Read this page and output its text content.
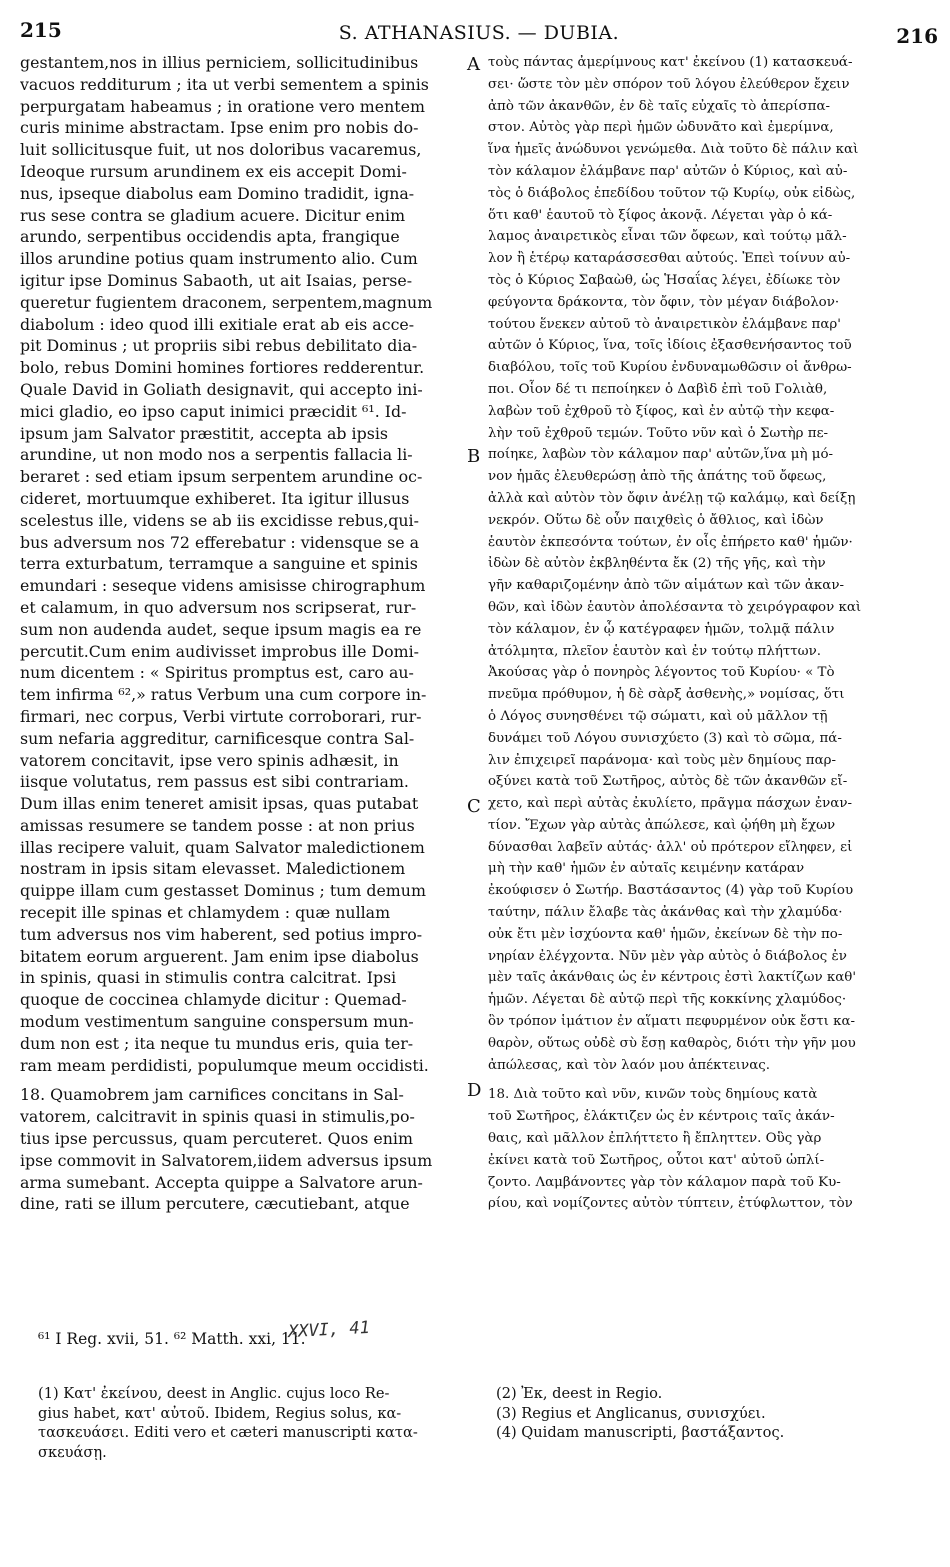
215	S. ATHANASIUS. — DUBIA.	216
gestantem,nos in illius perniciem, sollicitudinibus
vacuos redditurum ; ita ut verbi sementem a spinis
perpurgatam habeamus ; in oratione vero mentem
curis minime abstractam. Ipse enim pro nobis do-
luit sollicitusque fuit, ut nos doloribus vacaremus,
Ideoque rursum arundinem ex eis accepit Domi-
nus, ipseque diabolus eam Domino tradidit, igna-
rus sese contra se gladium acuere. Dicitur enim
arundo, serpentibus occidendis apta, frangique
illos arundine potius quam instrumento alio. Cum
igitur ipse Dominus Sabaoth, ut ait Isaias, perse-
queretur fugientem draconem, serpentem,magnum
diabolum : ideo quod illi exitiale erat ab eis acce-
pit Dominus ; ut propriis sibi rebus debilitato dia-
bolo, rebus Domini homines fortiores redderentur.
Quale David in Goliath designavit, qui accepto ini-
mici gladio, eo ipso caput inimici præcidit ⁶¹. Id-
ipsum jam Salvator præstitit, accepta ab ipsis
arundine, ut non modo nos a serpentis fallacia li-
beraret : sed etiam ipsum serpentem arundine oc-
cideret, mortuumque exhiberet. Ita igitur illusus
scelestus ille, videns se ab iis excidisse rebus,qui-
bus adversum nos 72 efferebatur : vidensque se a
terra exturbatum, terramque a sanguine et spinis
emundari : seseque videns amisisse chirographum
et calamum, in quo adversum nos scripserat, rur-
sum non audenda audet, seque ipsum magis ea re
percutit.Cum enim audivisset improbus ille Domi-
num dicentem : « Spiritus promptus est, caro au-
tem infirma ⁶²,» ratus Verbum una cum corpore in-
firmari, nec corpus, Verbi virtute corroborari, rur-
sum nefaria aggreditur, carnificesque contra Sal-
vatorem concitavit, ipse vero spinis adhæsit, in
iisque volutatus, rem passus est sibi contrariam.
Dum illas enim teneret amisit ipsas, quas putabat
amissas resumere se tandem posse : at non prius
illas recipere valuit, quam Salvator maledictionem
nostram in ipsis sitam elevasset. Maledictionem
quippe illam cum gestasset Dominus ; tum demum
recepit ille spinas et chlamydem : quæ nullam
tum adversus nos vim haberent, sed potius impro-
bitatem eorum arguerent. Jam enim ipse diabolus
in spinis, quasi in stimulis contra calcitrat. Ipsi
quoque de coccinea chlamyde dicitur : Quemad-
modum vestimentum sanguine conspersum mun-
dum non est ; ita neque tu mundus eris, quia ter-
ram meam perdidisti, populumque meum occidisti.
18. Quamobrem jam carnifices concitans in Sal-
vatorem, calcitravit in spinis quasi in stimulis,po-
tius ipse percussus, quam percuteret. Quos enim
ipse commovit in Salvatorem,iidem adversus ipsum
arma sumebant. Accepta quippe a Salvatore arun-
dine, rati se illum percutere, cæcutiebant, atque
τοὺς πάντας ἀμερίμνους κατ' ἐκείνου (1) κατασκευά-
σει· ὥστε τὸν μὲν σπόρον τοῦ λόγου ἐλεύθερον ἔχειν
ἀπὸ τῶν ἀκανθῶν, ἐν δὲ ταῖς εὐχαῖς τὸ ἀπερίσπα-
στον. Αὐτὸς γὰρ περὶ ἡμῶν ὠδυνᾶτο καὶ ἐμερίμνα,
ἵνα ἡμεῖς ἀνώδυνοι γενώμεθα. Διὰ τοῦτο δὲ πάλιν καὶ
τὸν κάλαμον ἐλάμβανε παρ' αὐτῶν ὁ Κύριος, καὶ αὐ-
τὸς ὁ διάβολος ἐπεδίδου τοῦτον τῷ Κυρίῳ, οὐκ εἰδὼς,
ὅτι καθ' ἑαυτοῦ τὸ ξίφος ἀκονᾷ. Λέγεται γὰρ ὁ κά-
λαμος ἀναιρετικὸς εἶναι τῶν ὄφεων, καὶ τούτῳ μᾶλ-
λον ἢ ἑτέρῳ καταράσσεσθαι αὐτούς. Ἐπεὶ τοίνυν αὐ-
τὸς ὁ Κύριος Σαβαὼθ, ὡς Ἡσαΐας λέγει, ἐδίωκε τὸν
φεύγοντα δράκοντα, τὸν ὄφιν, τὸν μέγαν διάβολον·
τούτου ἕνεκεν αὐτοῦ τὸ ἀναιρετικὸν ἐλάμβανε παρ'
αὐτῶν ὁ Κύριος, ἵνα, τοῖς ἰδίοις ἐξασθενήσαντος τοῦ
διαβόλου, τοῖς τοῦ Κυρίου ἐνδυναμωθῶσιν οἱ ἄνθρω-
ποι. Οἷον δέ τι πεποίηκεν ὁ Δαβὶδ ἐπὶ τοῦ Γολιὰθ,
λαβὼν τοῦ ἐχθροῦ τὸ ξίφος, καὶ ἐν αὐτῷ τὴν κεφα-
λὴν τοῦ ἐχθροῦ τεμών. Τοῦτο νῦν καὶ ὁ Σωτὴρ πε-
ποίηκε, λαβὼν τὸν κάλαμον παρ' αὐτῶν,ἵνα μὴ μό-
νον ἡμᾶς ἐλευθερώσῃ ἀπὸ τῆς ἀπάτης τοῦ ὄφεως,
ἀλλὰ καὶ αὐτὸν τὸν ὄφιν ἀνέλῃ τῷ καλάμῳ, καὶ δείξῃ
νεκρόν. Οὕτω δὲ οὖν παιχθεὶς ὁ ἄθλιος, καὶ ἰδὼν
ἑαυτὸν ἐκπεσόντα τούτων, ἐν οἷς ἐπήρετο καθ' ἡμῶν·
ἰδὼν δὲ αὐτὸν ἐκβληθέντα ἔκ (2) τῆς γῆς, καὶ τὴν
γῆν καθαριζομένην ἀπὸ τῶν αἱμάτων καὶ τῶν ἀκαν-
θῶν, καὶ ἰδὼν ἑαυτὸν ἀπολέσαντα τὸ χειρόγραφον καὶ
τὸν κάλαμον, ἐν ᾧ κατέγραφεν ἡμῶν, τολμᾷ πάλιν
ἀτόλμητα, πλεῖον ἑαυτὸν καὶ ἐν τούτῳ πλήττων.
Ἀκούσας γὰρ ὁ πονηρὸς λέγοντος τοῦ Κυρίου· « Τὸ
πνεῦμα πρόθυμον, ἡ δὲ σὰρξ ἀσθενὴς,» νομίσας, ὅτι
ὁ Λόγος συνησθένει τῷ σώματι, καὶ οὐ μᾶλλον τῇ
δυνάμει τοῦ Λόγου συνισχύετο (3) καὶ τὸ σῶμα, πά-
λιν ἐπιχειρεῖ παράνομα· καὶ τοὺς μὲν δημίους παρ-
οξύνει κατὰ τοῦ Σωτῆρος, αὐτὸς δὲ τῶν ἀκανθῶν εἴ-
χετο, καὶ περὶ αὐτὰς ἐκυλίετο, πρᾶγμα πάσχων ἐναν-
τίον. Ἔχων γὰρ αὐτὰς ἀπώλεσε, καὶ ᾠήθη μὴ ἔχων
δύνασθαι λαβεῖν αὐτάς· ἀλλ' οὐ πρότερον εἴληφεν, εἰ
μὴ τὴν καθ' ἡμῶν ἐν αὐταῖς κειμένην κατάραν
ἐκούφισεν ὁ Σωτήρ. Βαστάσαντος (4) γὰρ τοῦ Κυρίου
ταύτην, πάλιν ἔλαβε τὰς ἀκάνθας καὶ τὴν χλαμύδα·
οὐκ ἔτι μὲν ἰσχύοντα καθ' ἡμῶν, ἐκείνων δὲ τὴν πο-
νηρίαν ἐλέγχοντα. Νῦν μὲν γὰρ αὐτὸς ὁ διάβολος ἐν
μὲν ταῖς ἀκάνθαις ὡς ἐν κέντροις ἐστὶ λακτίζων καθ'
ἡμῶν. Λέγεται δὲ αὐτῷ περὶ τῆς κοκκίνης χλαμύδος·
ὃν τρόπον ἱμάτιον ἐν αἵματι πεφυρμένον οὐκ ἔστι κα-
θαρὸν, οὕτως οὐδὲ σὺ ἔσῃ καθαρὸς, διότι τὴν γῆν μου
ἀπώλεσας, καὶ τὸν λαόν μου ἀπέκτεινας.
18. Διὰ τοῦτο καὶ νῦν, κινῶν τοὺς δημίους κατὰ
τοῦ Σωτῆρος, ἐλάκτιζεν ὡς ἐν κέντροις ταῖς ἀκάν-
θαις, καὶ μᾶλλον ἐπλήττετο ἢ ἔπληττεν. Οὓς γὰρ
ἐκίνει κατὰ τοῦ Σωτῆρος, οὗτοι κατ' αὐτοῦ ὡπλί-
ζοντο. Λαμβάνοντες γὰρ τὸν κάλαμον παρὰ τοῦ Κυ-
ρίου, καὶ νομίζοντες αὐτὸν τύπτειν, ἐτύφλωττον, τὸν
A
B
C
D
⁶¹ I Reg. xvii, 51. ⁶² Matth. xxi, 11.
XXVI, 41
(1) Κατ' ἐκείνου, deest in Anglic. cujus loco Re-
gius habet, κατ' αὐτοῦ. Ibidem, Regius solus, κα-
τασκευάσει. Editi vero et cæteri manuscripti κατα-
σκευάσῃ.
(2) Ἐκ, deest in Regio.
(3) Regius et Anglicanus, συνισχύει.
(4) Quidam manuscripti, βαστάξαντος.
